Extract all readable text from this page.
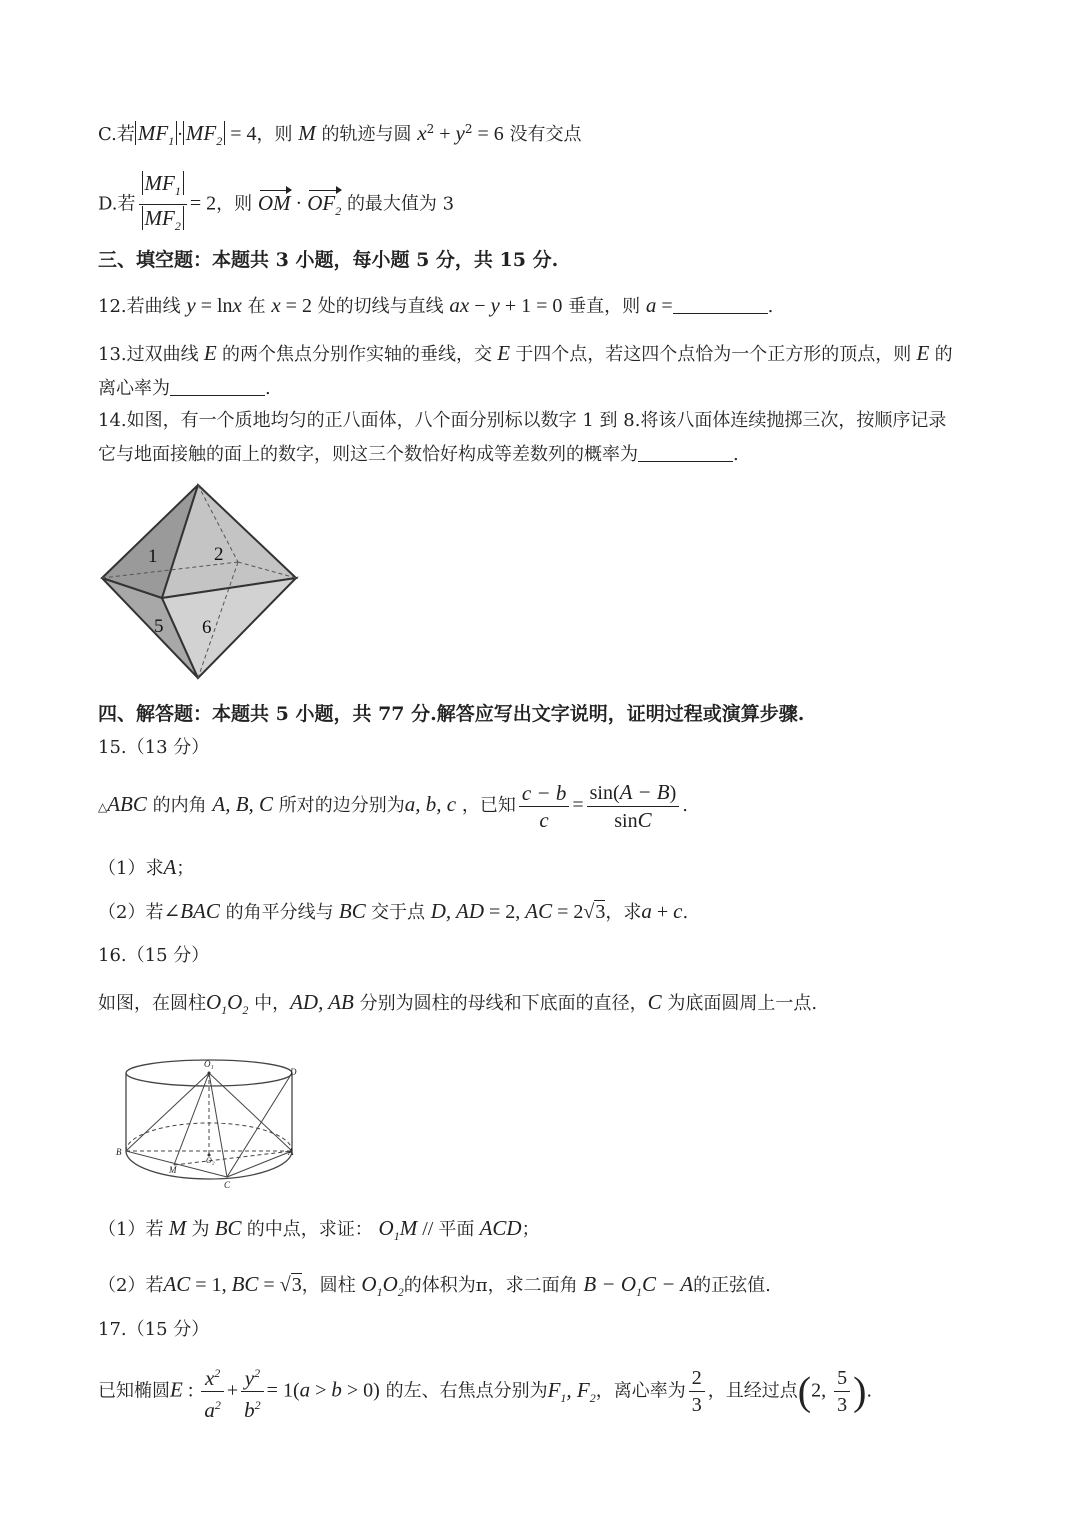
C.若 $MF_1 \cdot MF_2 = 4$，则 M 的轨迹与圆 $x^2 + y^2 = 6$ 没有交点
D.若 $\frac{MF_1}{MF_2} = 2$，则 OM · $OF_2$ 的最大值为 3
三、填空题：本题共 3 小题，每小题 5 分，共 15 分.
12.若曲线 y = lnx 在 x = 2 处的切线与直线 ax − y + 1 = 0 垂直，则 a =	.
13.过双曲线 E 的两个焦点分别作实轴的垂线，交 E 于四个点，若这四个点恰为一个正方形的顶点，则 E 的
离心率为	.
14.如图，有一个质地均匀的正八面体，八个面分别标以数字 1 到 8.将该八面体连续抛掷三次，按顺序记录
它与地面接触的面上的数字，则这三个数恰好构成等差数列的概率为	.
1	2
5 6
四、解答题：本题共 5 小题，共 77 分.解答应写出文字说明，证明过程或演算步骤.
15.（13 分）
△ABC 的内角 A, B, C 所对的边分别为a, b, c ，已知 $\frac{c - b}{c} = \frac{\sin(A - B)}{\sin C}$ .
（1）求A；
（2）若∠BAC 的角平分线与 BC 交于点 D, AD = 2, AC = 2√3，求a + c.
16.（15 分）
如图，在圆柱$O_1O_2$ 中，AD, AB 分别为圆柱的母线和下底面的直径，C 为底面圆周上一点.
O₁
D
B	A
O₂
M
C
（1）若 M 为 BC 的中点，求证： $O_1M$ // 平面 ACD；
（2）若AC = 1, BC = √3，圆柱 $O_1O_2$的体积为π，求二面角 $B - O_1C - A$的正弦值.
17.（15 分）
已知椭圆E : $\frac{x^2}{a^2} + \frac{y^2}{b^2} = 1(a > b > 0)$ 的左、右焦点分别为$F_1$, $F_2$，离心率为 $\frac{2}{3}$ ，且经过点(2, $\frac{5}{3}$ ).
